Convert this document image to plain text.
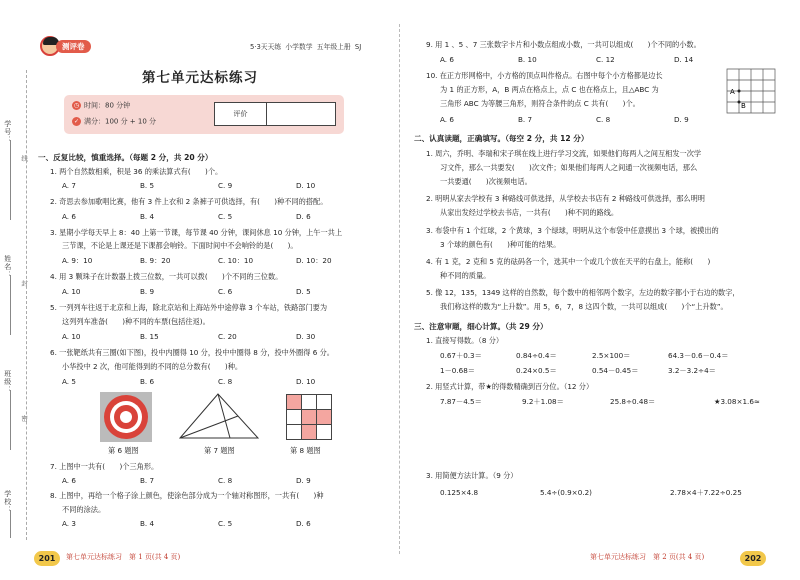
学校：
班级：
姓名：
学号：
线
封
密
测评卷	5·3天天练 小学数学 五年级上册 SJ
第七单元达标练习
◷ 时间：80 分钟
✓ 满分：100 分 + 10 分
评价
一、反复比较，慎重选择。（每题 2 分，共 20 分）
1. 两个自然数相乘，积是 36 的乘法算式有(　　)个。
A. 7	B. 5	C. 9	D. 10
2. 奇思去参加歌唱比赛，他有 3 件上衣和 2 条裤子可供选择，有(　　)种不同的搭配。
A. 6	B. 4	C. 5	D. 6
3. 星期小学每天早上 8：40 上第一节课，每节课 40 分钟，课间休息 10 分钟，上午一共上
三节课，不论是上课还是下课都会响铃。下面时间中不会响铃的是(　　)。
A. 9：10	B. 9：20	C. 10：10	D. 10：20
4. 用 3 颗珠子在计数器上拨三位数，一共可以拨(　　)个不同的三位数。
A. 10	B. 9	C. 6	D. 5
5. 一列列车往返于北京和上海，除北京站和上海站外中途停靠 3 个车站，铁路部门要为
这列列车准备(　　)种不同的车票(包括往返)。
A. 10	B. 15	C. 20	D. 30
6. 一张靶纸共有三圈(如下图)，投中内圈得 10 分，投中中圈得 8 分，投中外圈得 6 分。
小华投中 2 次，他可能得到的不同的总分数有(　　)种。
A. 5	B. 6	C. 8	D. 10
第 6 题图	第 7 题图	第 8 题图
7. 上图中一共有(　　)个三角形。
A. 6	B. 7	C. 8	D. 9
8. 上图中，再给一个格子涂上颜色，使涂色部分成为一个轴对称图形，一共有(　　)种
不同的涂法。
A. 3	B. 4	C. 5	D. 6
201	第七单元达标练习　第 1 页(共 4 页)
9. 用 1 、5 、7 三张数字卡片和小数点组成小数，一共可以组成(　　)个不同的小数。
A. 6	B. 10	C. 12	D. 14
10. 在正方形网格中，小方格的顶点叫作格点。右图中每个小方格都是边长
为 1 的正方形，A，B 两点在格点上，点 C 也在格点上，且△ABC 为
三角形 ABC 为等腰三角形，则符合条件的点 C 共有(　　)个。
A. 6	B. 7	C. 8	D. 9
A
B
二、认真读题，正确填写。（每空 2 分，共 12 分）
1. 周六，乔明、李瑞和宋子琪在线上进行学习交流，如果他们每两人之间互相发一次学
习文件，那么一共要发(　　)次文件；如果他们每两人之间通一次视频电话，那么
一共要通(　　)次视频电话。
2. 明明从家去学校有 3 种路线可供选择，从学校去书店有 2 种路线可供选择，那么明明
从家出发经过学校去书店，一共有(　　)种不同的路线。
3. 布袋中有 1 个红球，2 个黄球，3 个绿球，明明从这个布袋中任意摸出 3 个球，被摸出的
3 个球的颜色有(　　)种可能的结果。
4. 有 1 克，2 克和 5 克的砝码各一个，选其中一个或几个放在天平的右盘上，能称(　　)
种不同的质量。
5. 像 12，135，1349 这样的自然数，每个数中的相邻两个数字，左边的数字都小于右边的数字，
我们称这样的数为“上升数”。用 5，6，7，8 这四个数，一共可以组成(　　)个“上升数”。
三、注意审题，细心计算。（共 29 分）
1. 直接写得数。（8 分）
0.67＋0.3＝	0.84÷0.4＝	2.5×100＝	64.3－0.6－0.4＝
1－0.68＝	0.24×0.5＝	0.54－0.45＝	3.2－3.2÷4＝
2. 用竖式计算，带★的得数精确到百分位。（12 分）
7.87－4.5＝	9.2＋1.08＝	25.8÷0.48＝	★3.08×1.6≈
3. 用简便方法计算。（9 分）
0.125×4.8	5.4÷(0.9×0.2)	2.78×4＋7.22÷0.25
第七单元达标练习　第 2 页(共 4 页)	202
